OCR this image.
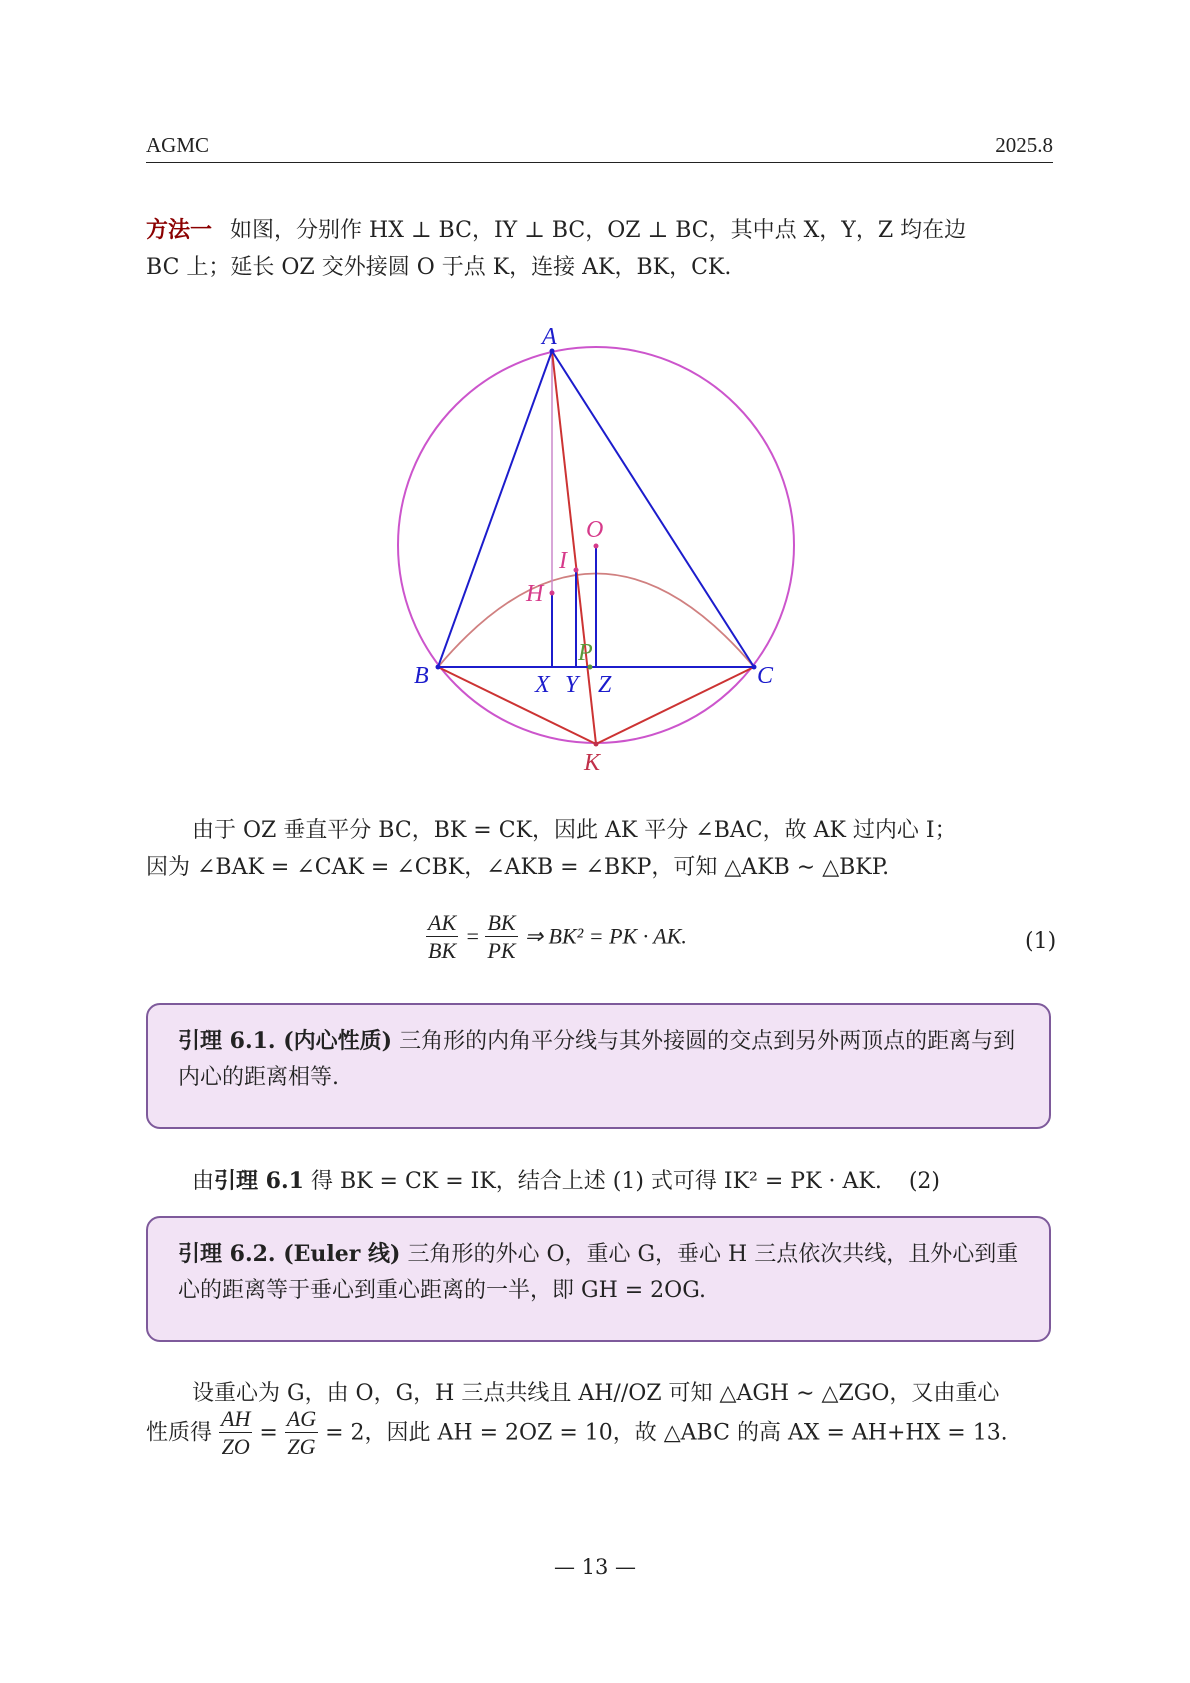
AGMC	2025.8
方法一 如图，分别作 HX ⊥ BC，IY ⊥ BC，OZ ⊥ BC，其中点 X，Y，Z 均在边
BC 上；延长 OZ 交外接圆 O 于点 K，连接 AK，BK，CK.
A
B	C
O
I
H
P
X Y Z
K
由于 OZ 垂直平分 BC，BK = CK，因此 AK 平分 ∠BAC，故 AK 过内心 I；
因为 ∠BAK = ∠CAK = ∠CBK，∠AKB = ∠BKP，可知 △AKB ∼ △BKP.
$\frac{AK}{BK} = \frac{BK}{PK}$ ⇒ BK² = PK · AK.	(1)
引理 6.1. (内心性质) 三角形的内角平分线与其外接圆的交点到另外两顶点的距离与到内心的距离相等.
由引理 6.1 得 BK = CK = IK，结合上述 (1) 式可得 IK² = PK · AK. (2)
引理 6.2. (Euler 线) 三角形的外心 O，重心 G，垂心 H 三点依次共线，且外心到重心的距离等于垂心到重心距离的一半，即 GH = 2OG.
设重心为 G，由 O，G，H 三点共线且 AH//OZ 可知 △AGH ∼ △ZGO，又由重心
性质得 $\frac{AH}{ZO} = \frac{AG}{ZG} = 2$，因此 AH = 2OZ = 10，故 △ABC 的高 AX = AH+HX = 13.
— 13 —
